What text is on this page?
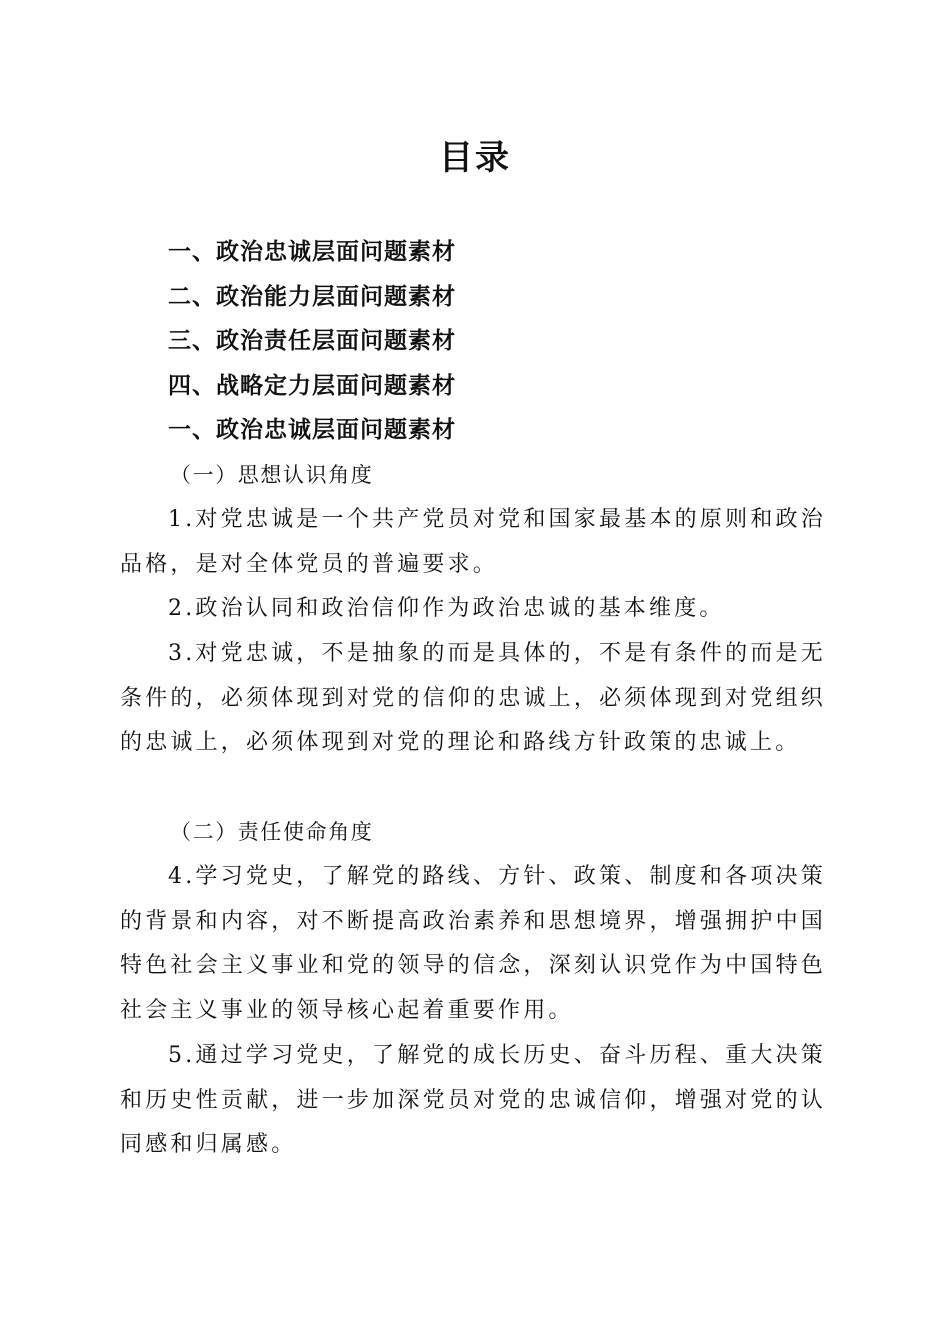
目录
一、政治忠诚层面问题素材
二、政治能力层面问题素材
三、政治责任层面问题素材
四、战略定力层面问题素材
一、政治忠诚层面问题素材
（一）思想认识角度

1.对党忠诚是一个共产党员对党和国家最基本的原则和政治品格，是对全体党员的普遍要求。

2.政治认同和政治信仰作为政治忠诚的基本维度。

3.对党忠诚，不是抽象的而是具体的，不是有条件的而是无条件的，必须体现到对党的信仰的忠诚上，必须体现到对党组织的忠诚上，必须体现到对党的理论和路线方针政策的忠诚上。

（二）责任使命角度

4.学习党史，了解党的路线、方针、政策、制度和各项决策的背景和内容，对不断提高政治素养和思想境界，增强拥护中国特色社会主义事业和党的领导的信念，深刻认识党作为中国特色社会主义事业的领导核心起着重要作用。

5.通过学习党史，了解党的成长历史、奋斗历程、重大决策和历史性贡献，进一步加深党员对党的忠诚信仰，增强对党的认同感和归属感。
